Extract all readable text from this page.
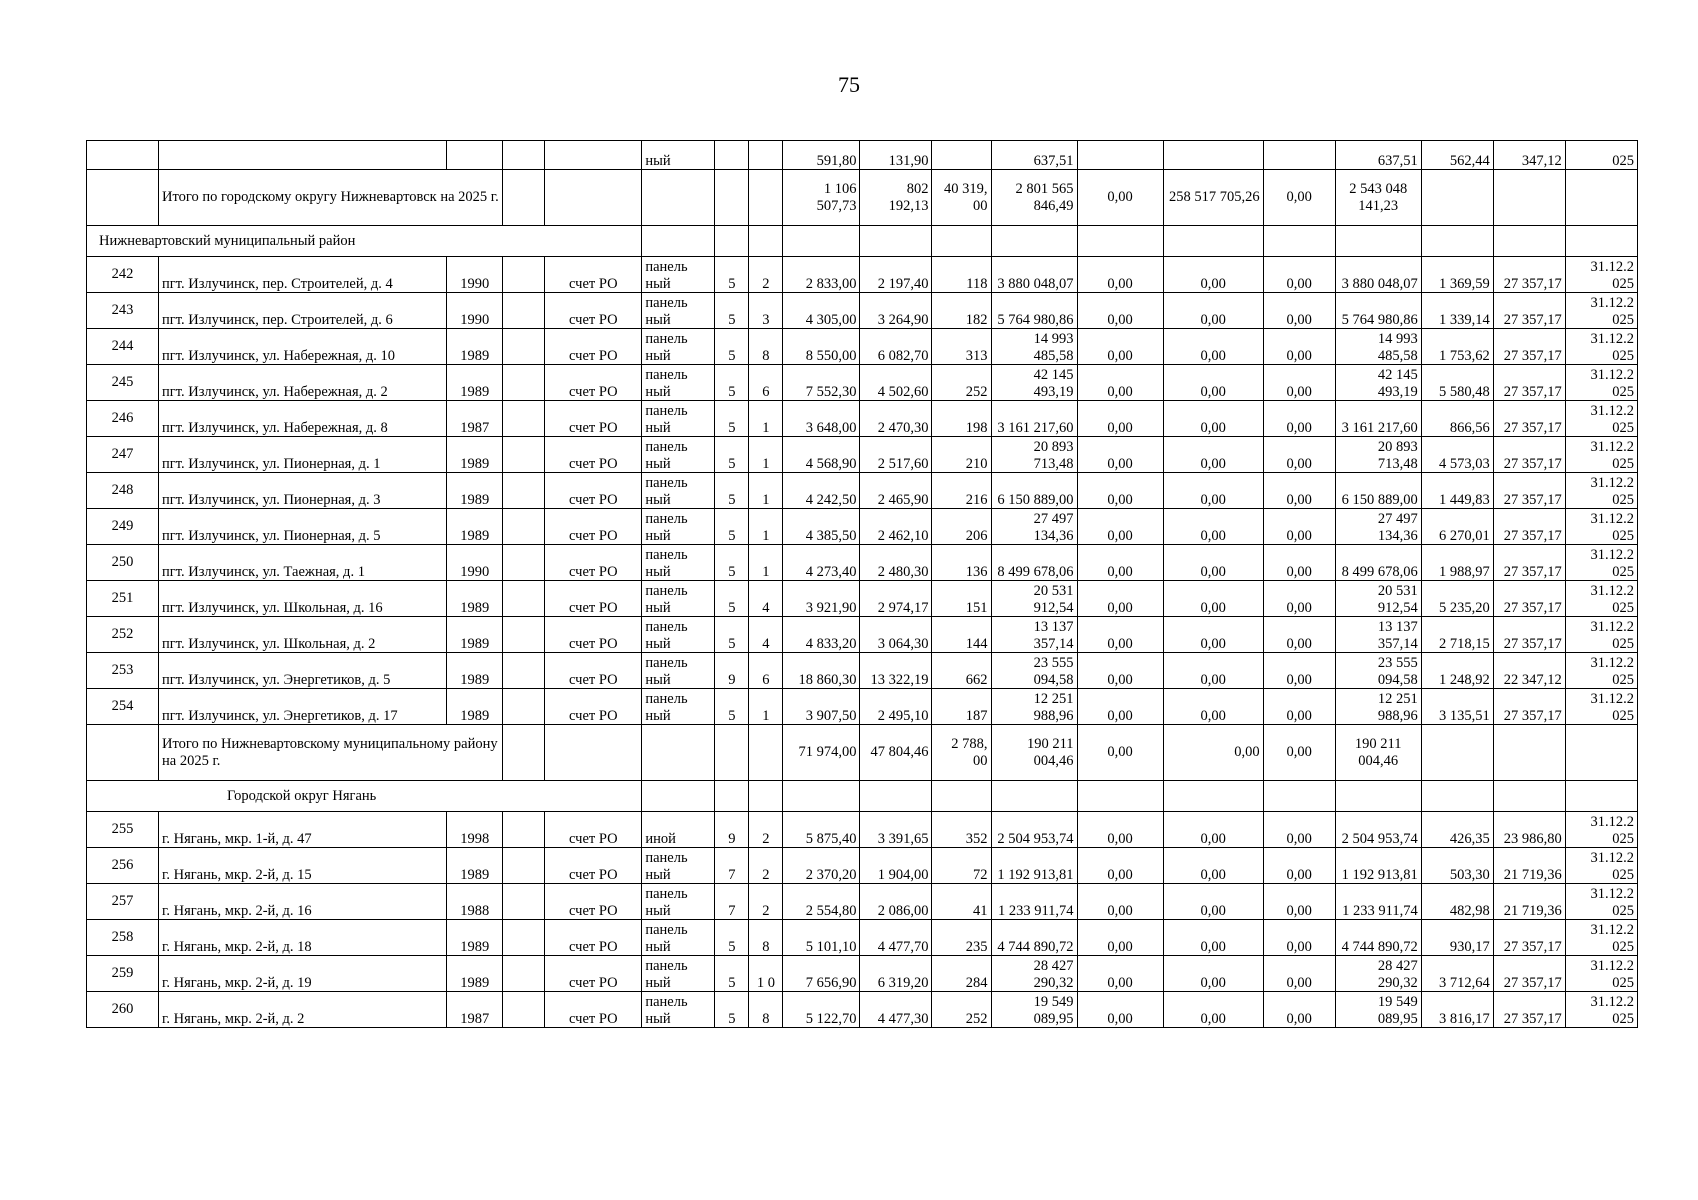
75
					ный			591,80	131,90		637,51				637,51	562,44	347,12	025
	Итого по городскому округу Нижневартовск на 2025 г.							1 106 507,73	802 192,13	40 319, 00	2 801 565 846,49	0,00	258 517 705,26	0,00	2 543 048 141,23			
Нижневартовский муниципальный район																		
242	пгт. Излучинск, пер. Строителей, д. 4	1990		счет РО	панель ный	5	2	2 833,00	2 197,40	118	3 880 048,07	0,00	0,00	0,00	3 880 048,07	1 369,59	27 357,17	31.12.2 025
243	пгт. Излучинск, пер. Строителей, д. 6	1990		счет РО	панель ный	5	3	4 305,00	3 264,90	182	5 764 980,86	0,00	0,00	0,00	5 764 980,86	1 339,14	27 357,17	31.12.2 025
244	пгт. Излучинск, ул. Набережная, д. 10	1989		счет РО	панель ный	5	8	8 550,00	6 082,70	313	14 993 485,58	0,00	0,00	0,00	14 993 485,58	1 753,62	27 357,17	31.12.2 025
245	пгт. Излучинск, ул. Набережная, д. 2	1989		счет РО	панель ный	5	6	7 552,30	4 502,60	252	42 145 493,19	0,00	0,00	0,00	42 145 493,19	5 580,48	27 357,17	31.12.2 025
246	пгт. Излучинск, ул. Набережная, д. 8	1987		счет РО	панель ный	5	1	3 648,00	2 470,30	198	3 161 217,60	0,00	0,00	0,00	3 161 217,60	866,56	27 357,17	31.12.2 025
247	пгт. Излучинск, ул. Пионерная, д. 1	1989		счет РО	панель ный	5	1	4 568,90	2 517,60	210	20 893 713,48	0,00	0,00	0,00	20 893 713,48	4 573,03	27 357,17	31.12.2 025
248	пгт. Излучинск, ул. Пионерная, д. 3	1989		счет РО	панель ный	5	1	4 242,50	2 465,90	216	6 150 889,00	0,00	0,00	0,00	6 150 889,00	1 449,83	27 357,17	31.12.2 025
249	пгт. Излучинск, ул. Пионерная, д. 5	1989		счет РО	панель ный	5	1	4 385,50	2 462,10	206	27 497 134,36	0,00	0,00	0,00	27 497 134,36	6 270,01	27 357,17	31.12.2 025
250	пгт. Излучинск, ул. Таежная, д. 1	1990		счет РО	панель ный	5	1	4 273,40	2 480,30	136	8 499 678,06	0,00	0,00	0,00	8 499 678,06	1 988,97	27 357,17	31.12.2 025
251	пгт. Излучинск, ул. Школьная, д. 16	1989		счет РО	панель ный	5	4	3 921,90	2 974,17	151	20 531 912,54	0,00	0,00	0,00	20 531 912,54	5 235,20	27 357,17	31.12.2 025
252	пгт. Излучинск, ул. Школьная, д. 2	1989		счет РО	панель ный	5	4	4 833,20	3 064,30	144	13 137 357,14	0,00	0,00	0,00	13 137 357,14	2 718,15	27 357,17	31.12.2 025
253	пгт. Излучинск, ул. Энергетиков, д. 5	1989		счет РО	панель ный	9	6	18 860,30	13 322,19	662	23 555 094,58	0,00	0,00	0,00	23 555 094,58	1 248,92	22 347,12	31.12.2 025
254	пгт. Излучинск, ул. Энергетиков, д. 17	1989		счет РО	панель ный	5	1	3 907,50	2 495,10	187	12 251 988,96	0,00	0,00	0,00	12 251 988,96	3 135,51	27 357,17	31.12.2 025
	Итого по Нижневартовскому муниципальному району на 2025 г.							71 974,00	47 804,46	2 788, 00	190 211 004,46	0,00	0,00	0,00	190 211 004,46			
Городской округ Нягань																		
255	г. Нягань, мкр. 1-й, д. 47	1998		счет РО	иной	9	2	5 875,40	3 391,65	352	2 504 953,74	0,00	0,00	0,00	2 504 953,74	426,35	23 986,80	31.12.2 025
256	г. Нягань, мкр. 2-й, д. 15	1989		счет РО	панель ный	7	2	2 370,20	1 904,00	72	1 192 913,81	0,00	0,00	0,00	1 192 913,81	503,30	21 719,36	31.12.2 025
257	г. Нягань, мкр. 2-й, д. 16	1988		счет РО	панель ный	7	2	2 554,80	2 086,00	41	1 233 911,74	0,00	0,00	0,00	1 233 911,74	482,98	21 719,36	31.12.2 025
258	г. Нягань, мкр. 2-й, д. 18	1989		счет РО	панель ный	5	8	5 101,10	4 477,70	235	4 744 890,72	0,00	0,00	0,00	4 744 890,72	930,17	27 357,17	31.12.2 025
259	г. Нягань, мкр. 2-й, д. 19	1989		счет РО	панель ный	5	1 0	7 656,90	6 319,20	284	28 427 290,32	0,00	0,00	0,00	28 427 290,32	3 712,64	27 357,17	31.12.2 025
260	г. Нягань, мкр. 2-й, д. 2	1987		счет РО	панель ный	5	8	5 122,70	4 477,30	252	19 549 089,95	0,00	0,00	0,00	19 549 089,95	3 816,17	27 357,17	31.12.2 025
